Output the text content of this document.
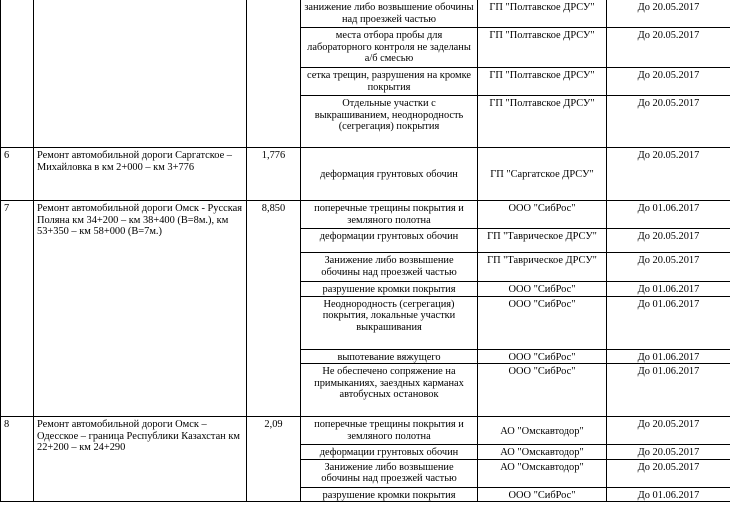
			занижение либо возвышение обочины над проезжей частью	ГП "Полтавское ДРСУ"	До 20.05.2017
			места отбора пробы для лабораторного контроля не заделаны а/б смесью	ГП "Полтавское ДРСУ"	До 20.05.2017
			сетка трещин, разрушения на кромке покрытия	ГП "Полтавское ДРСУ"	До 20.05.2017
			Отдельные участки с выкрашиванием, неоднородность (сегрегация) покрытия	ГП "Полтавское ДРСУ"	До 20.05.2017
6	Ремонт автомобильной дороги Саргатское – Михайловка в км 2+000 – км 3+776	1,776	деформация грунтовых обочин	ГП "Саргатское ДРСУ"	До 20.05.2017
7	Ремонт автомобильной дороги Омск - Русская Поляна км 34+200 – км 38+400 (В=8м.), км 53+350 – км 58+000 (В=7м.)	8,850	поперечные трещины покрытия и земляного полотна	ООО "СибРос"	До 01.06.2017
			деформации грунтовых обочин	ГП "Таврическое ДРСУ"	До 20.05.2017
			Занижение либо возвышение обочины над проезжей частью	ГП "Таврическое ДРСУ"	До 20.05.2017
			разрушение кромки покрытия	ООО "СибРос"	До 01.06.2017
			Неоднородность (сегрегация) покрытия, локальные участки выкрашивания	ООО "СибРос"	До 01.06.2017
			выпотевание вяжущего	ООО "СибРос"	До 01.06.2017
			Не обеспечено сопряжение на примыканиях, заездных карманах автобусных остановок	ООО "СибРос"	До 01.06.2017
8	Ремонт автомобильной дороги Омск – Одесское – граница Республики Казахстан км 22+200 – км 24+290	2,09	поперечные трещины покрытия и земляного полотна	АО "Омскавтодор"	До 20.05.2017
			деформации грунтовых обочин	АО "Омскавтодор"	До 20.05.2017
			Занижение либо возвышение обочины над проезжей частью	АО "Омскавтодор"	До 20.05.2017
			разрушение кромки покрытия	ООО "СибРос"	До 01.06.2017
